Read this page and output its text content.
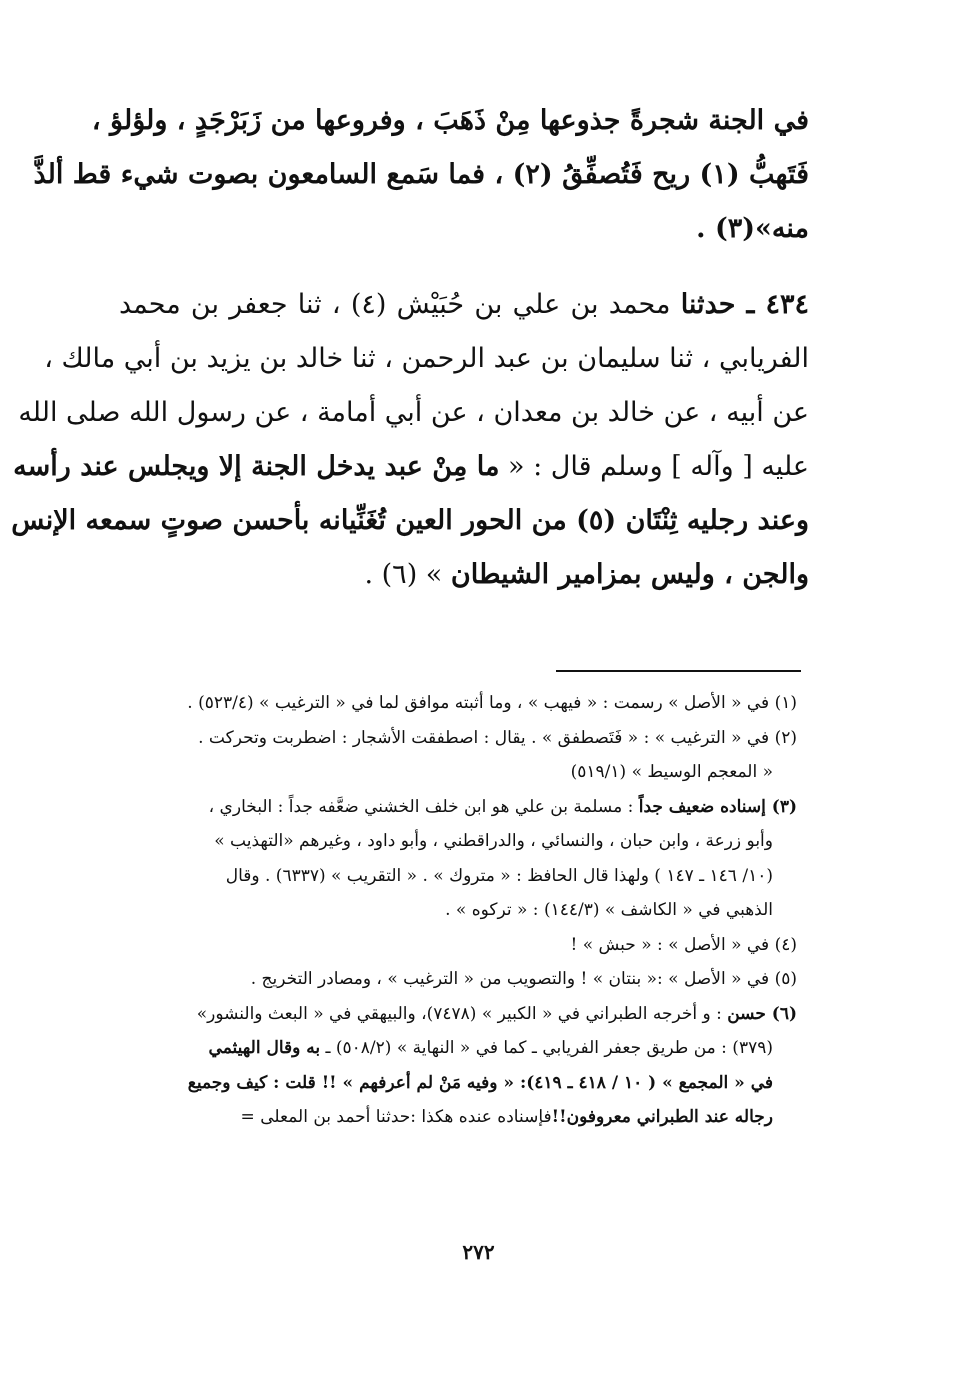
في الجنة شجرةً جذوعها مِنْ ذَهَبَ ، وفروعها من زَبَرْجَدٍ ، ولؤلؤ ،
فَتَهبُّ (١) ريح فَتُصفِّقُ (٢) ، فما سَمع السامعون بصوت شيء قط ألذَّ
منه»(٣) .
٤٣٤ ـ حدثنا محمد بن علي بن حُبَيْش (٤) ، ثنا جعفر بن محمد
الفريابي ، ثنا سليمان بن عبد الرحمن ، ثنا خالد بن يزيد بن أبي مالك ،
عن أبيه ، عن خالد بن معدان ، عن أبي أمامة ، عن رسول الله صلى الله
عليه [ وآله ] وسلم قال : « ما مِنْ عبد يدخل الجنة إلا ويجلس عند رأسه
وعند رجليه ثِنْتَان (٥) من الحور العين تُغَنِّيانه بأحسن صوتٍ سمعه الإنس
والجن ، وليس بمزامير الشيطان » (٦) .
(١) في « الأصل » رسمت : « فيهب » ، وما أثبته موافق لما في « الترغيب » (٥٢٣/٤) .
(٢) في « الترغيب » : « فَتَصطفق » . يقال : اصطفقت الأشجار : اضطربت وتحركت .
« المعجم الوسيط » (٥١٩/١)
(٣) إسناده ضعيف جداً : مسلمة بن علي هو ابن خلف الخشني ضعَّفه جداً : البخاري ،
وأبو زرعة ، وابن حبان ، والنسائي ، والدراقطني ، وأبو داود ، وغيرهم «التهذيب »
(١٠/ ١٤٦ ـ ١٤٧ ) ولهذا قال الحافظ : « متروك » . « التقريب » (٦٣٣٧) . وقال
الذهبي في « الكاشف » (١٤٤/٣) : « تركوه » .
(٤) في « الأصل » : « حبش » !
(٥) في « الأصل » :« بنتان » ! والتصويب من « الترغيب » ، ومصادر التخريج .
(٦) حسن : و أخرجه الطبراني في « الكبير » (٧٤٧٨)، والبيهقي في « البعث والنشور»
(٣٧٩) : من طريق جعفر الفريابي ـ كما في « النهاية » (٥٠٨/٢) ـ به وقال الهيثمي
في « المجمع » ( ١٠ / ٤١٨ ـ ٤١٩): « وفيه مَنْ لم أعرفهم » !! قلت : كيف وجميع
رجاله عند الطبراني معروفون!!فإسناده عنده هكذا :حدثنا أحمد بن المعلى =
٢٧٢
